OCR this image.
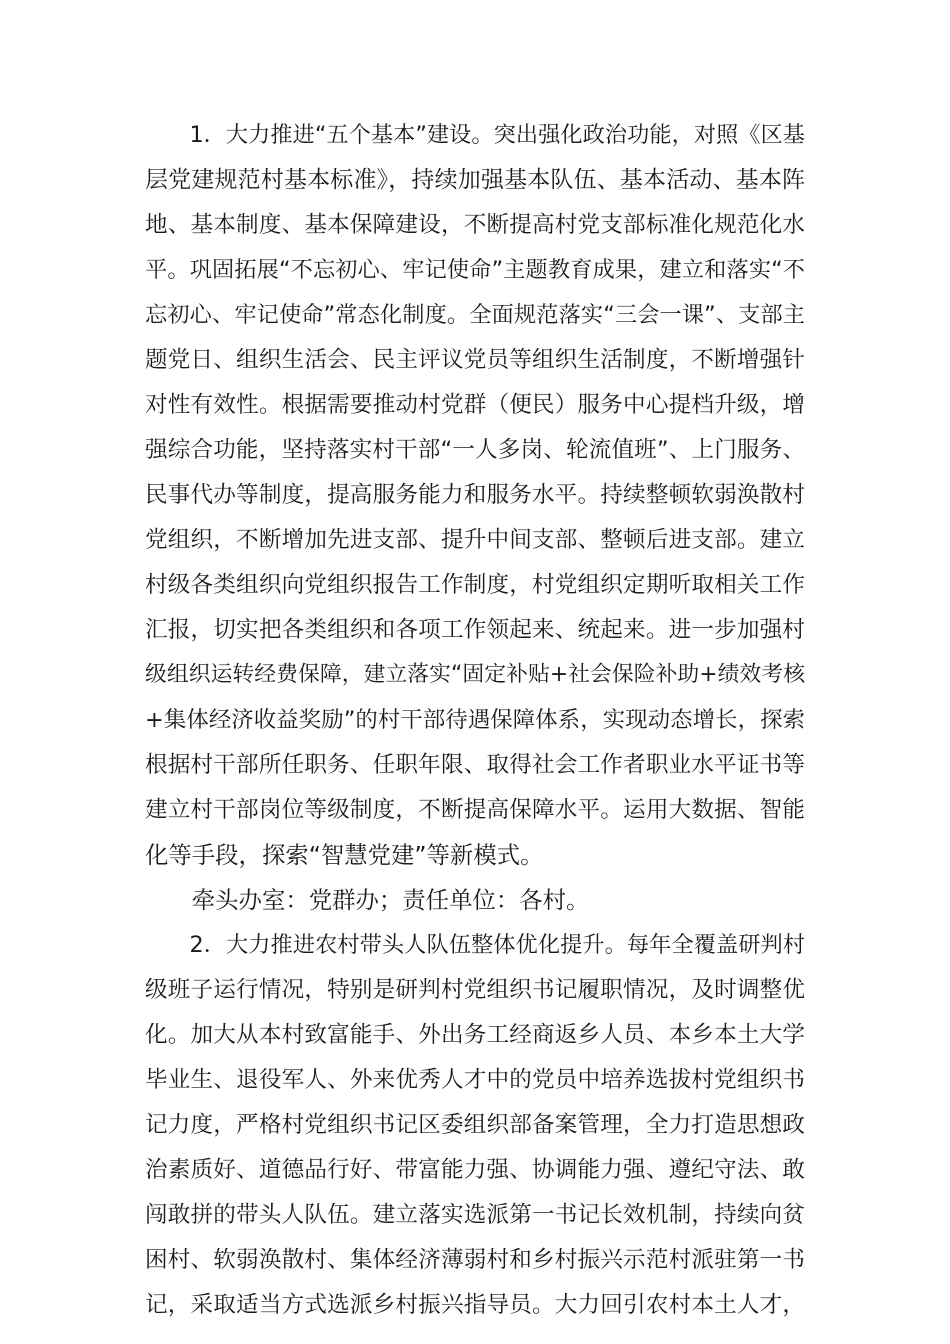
　　1．大力推进“五个基本”建设。突出强化政治功能，对照《区基
层党建规范村基本标准》，持续加强基本队伍、基本活动、基本阵
地、基本制度、基本保障建设，不断提高村党支部标准化规范化水
平。巩固拓展“不忘初心、牢记使命”主题教育成果，建立和落实“不
忘初心、牢记使命”常态化制度。全面规范落实“三会一课”、支部主
题党日、组织生活会、民主评议党员等组织生活制度，不断增强针
对性有效性。根据需要推动村党群（便民）服务中心提档升级，增
强综合功能，坚持落实村干部“一人多岗、轮流值班”、上门服务、
民事代办等制度，提高服务能力和服务水平。持续整顿软弱涣散村
党组织，不断增加先进支部、提升中间支部、整顿后进支部。建立
村级各类组织向党组织报告工作制度，村党组织定期听取相关工作
汇报，切实把各类组织和各项工作领起来、统起来。进一步加强村
级组织运转经费保障，建立落实“固定补贴+社会保险补助+绩效考核
+集体经济收益奖励”的村干部待遇保障体系，实现动态增长，探索
根据村干部所任职务、任职年限、取得社会工作者职业水平证书等
建立村干部岗位等级制度，不断提高保障水平。运用大数据、智能
化等手段，探索“智慧党建”等新模式。
　　牵头办室：党群办；责任单位：各村。
　　2．大力推进农村带头人队伍整体优化提升。每年全覆盖研判村
级班子运行情况，特别是研判村党组织书记履职情况，及时调整优
化。加大从本村致富能手、外出务工经商返乡人员、本乡本土大学
毕业生、退役军人、外来优秀人才中的党员中培养选拔村党组织书
记力度，严格村党组织书记区委组织部备案管理，全力打造思想政
治素质好、道德品行好、带富能力强、协调能力强、遵纪守法、敢
闯敢拼的带头人队伍。建立落实选派第一书记长效机制，持续向贫
困村、软弱涣散村、集体经济薄弱村和乡村振兴示范村派驻第一书
记，采取适当方式选派乡村振兴指导员。大力回引农村本土人才，
